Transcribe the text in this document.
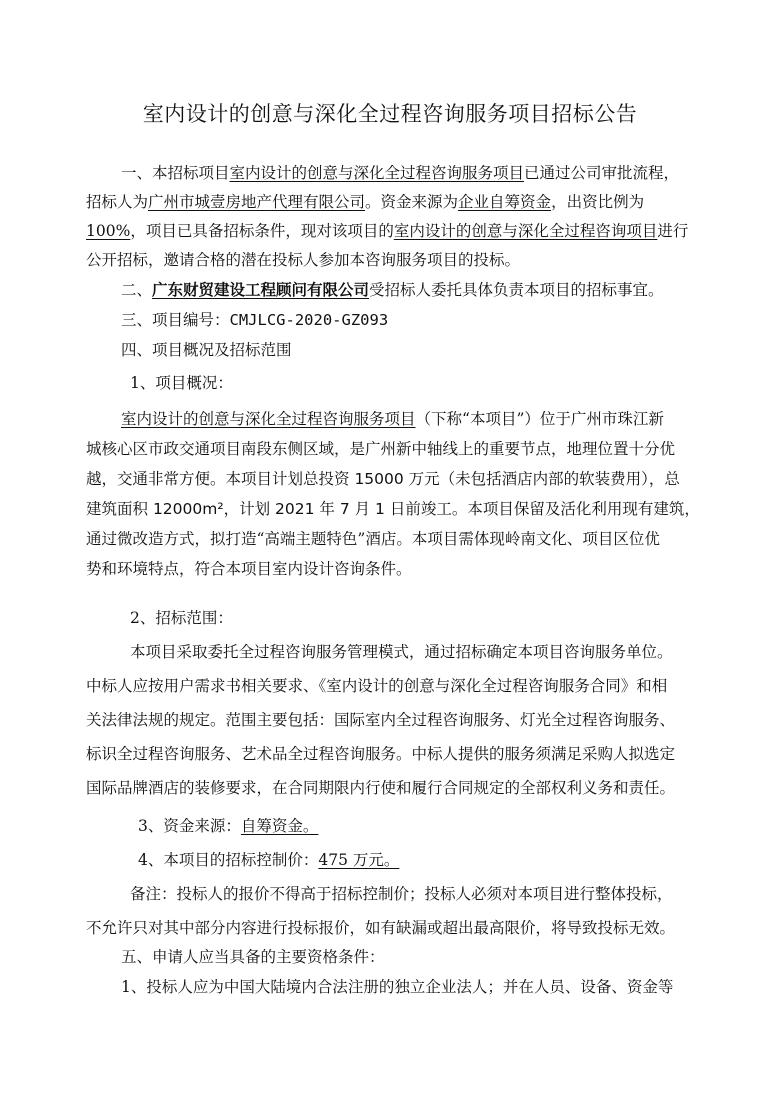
室内设计的创意与深化全过程咨询服务项目招标公告
一、本招标项目室内设计的创意与深化全过程咨询服务项目已通过公司审批流程，
招标人为广州市城壹房地产代理有限公司。资金来源为企业自筹资金，出资比例为
100%，项目已具备招标条件，现对该项目的室内设计的创意与深化全过程咨询项目进行
公开招标，邀请合格的潜在投标人参加本咨询服务项目的投标。
二、广东财贸建设工程顾问有限公司受招标人委托具体负责本项目的招标事宜。
三、项目编号：CMJLCG-2020-GZ093
四、项目概况及招标范围
1、项目概况：
室内设计的创意与深化全过程咨询服务项目（下称“本项目”）位于广州市珠江新
城核心区市政交通项目南段东侧区域，是广州新中轴线上的重要节点，地理位置十分优
越，交通非常方便。本项目计划总投资 15000 万元（未包括酒店内部的软装费用），总
建筑面积 12000m²，计划 2021 年 7 月 1 日前竣工。本项目保留及活化利用现有建筑，
通过微改造方式，拟打造“高端主题特色”酒店。本项目需体现岭南文化、项目区位优
势和环境特点，符合本项目室内设计咨询条件。
2、招标范围：
本项目采取委托全过程咨询服务管理模式，通过招标确定本项目咨询服务单位。
中标人应按用户需求书相关要求、《室内设计的创意与深化全过程咨询服务合同》和相
关法律法规的规定。范围主要包括：国际室内全过程咨询服务、灯光全过程咨询服务、
标识全过程咨询服务、艺术品全过程咨询服务。中标人提供的服务须满足采购人拟选定
国际品牌酒店的装修要求，在合同期限内行使和履行合同规定的全部权利义务和责任。
3、资金来源：自筹资金。
4、本项目的招标控制价：475 万元。
备注：投标人的报价不得高于招标控制价；投标人必须对本项目进行整体投标，
不允许只对其中部分内容进行投标报价，如有缺漏或超出最高限价，将导致投标无效。
五、申请人应当具备的主要资格条件：
1、投标人应为中国大陆境内合法注册的独立企业法人；并在人员、设备、资金等
